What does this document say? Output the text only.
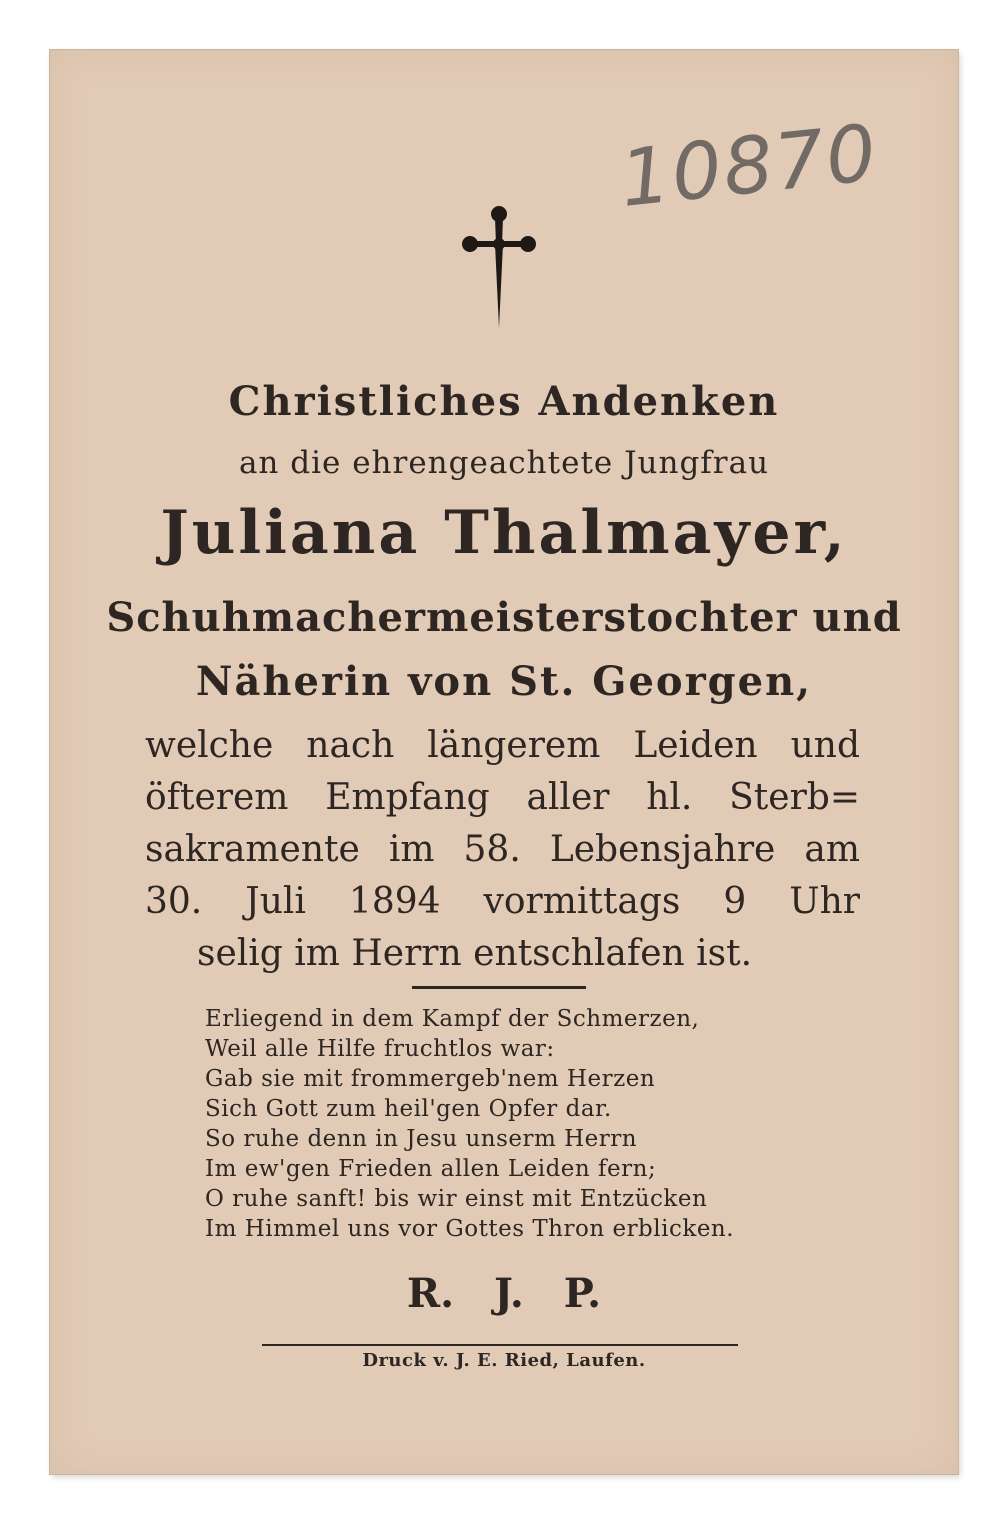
10870
Christliches Andenken
an die ehrengeachtete Jungfrau
Juliana Thalmayer,
Schuhmachermeisterstochter und
Näherin von St. Georgen,
welche nach längerem Leiden und
öfterem Empfang aller hl. Sterb=
sakramente im 58. Lebensjahre am
30. Juli 1894 vormittags 9 Uhr
selig im Herrn entschlafen ist.
Erliegend in dem Kampf der Schmerzen,
Weil alle Hilfe fruchtlos war:
Gab sie mit frommergeb'nem Herzen
Sich Gott zum heil'gen Opfer dar.
So ruhe denn in Jesu unserm Herrn
Im ew'gen Frieden allen Leiden fern;
O ruhe sanft! bis wir einst mit Entzücken
Im Himmel uns vor Gottes Thron erblicken.
R. J. P.
Druck v. J. E. Ried, Laufen.
